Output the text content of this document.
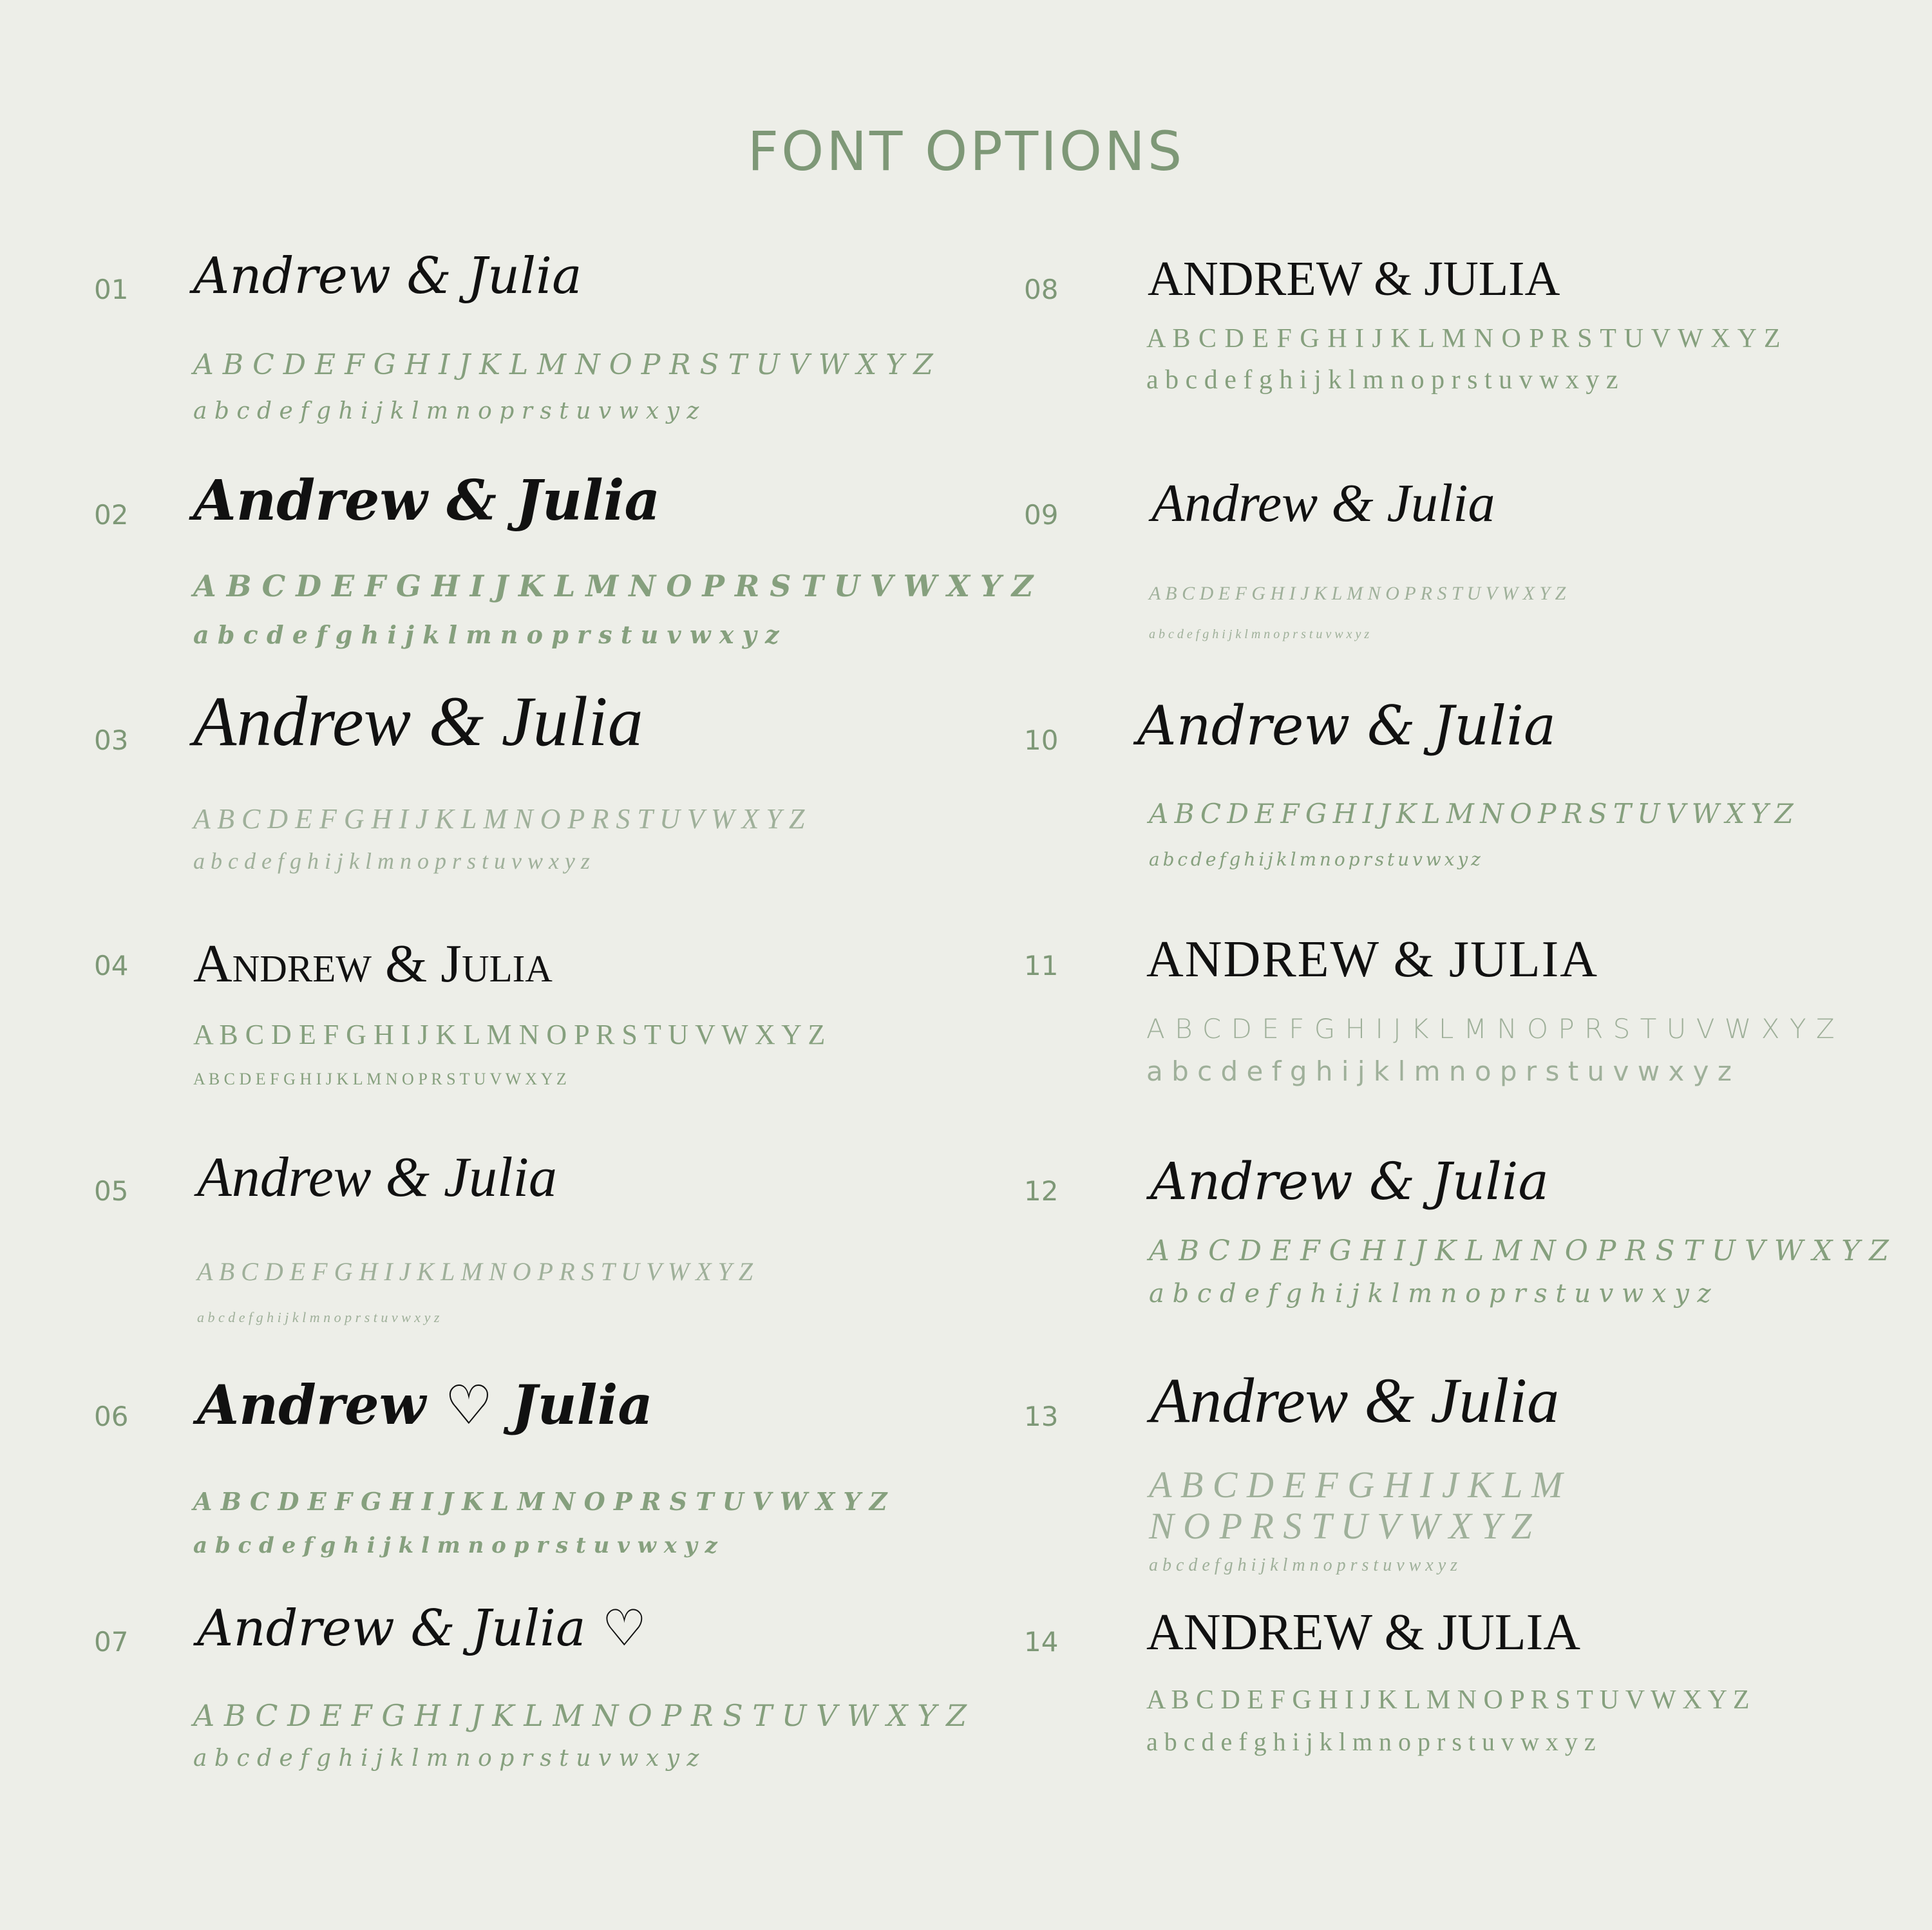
FONT OPTIONS
01 Andrew & Julia
A B C D E F G H I J K L M N O P R S T U V W X Y Z
a b c d e f g h i j k l m n o p r s t u v w x y z
02 Andrew & Julia
A B C D E F G H I J K L M N O P R S T U V W X Y Z
a b c d e f g h i j k l m n o p r s t u v w x y z
03 Andrew & Julia
A B C D E F G H I J K L M N O P R S T U V W X Y Z
a b c d e f g h i j k l m n o p r s t u v w x y z
04 Andrew & Julia
A B C D E F G H I J K L M N O P R S T U V W X Y Z
A B C D E F G H I J K L M N O P R S T U V W X Y Z
05 Andrew & Julia
A B C D E F G H I J K L M N O P R S T U V W X Y Z
a b c d e f g h i j k l m n o p r s t u v w x y z
06 Andrew ♡ Julia
A B C D E F G H I J K L M N O P R S T U V W X Y Z
a b c d e f g h i j k l m n o p r s t u v w x y z
07 Andrew & Julia ♡
A B C D E F G H I J K L M N O P R S T U V W X Y Z
a b c d e f g h i j k l m n o p r s t u v w x y z
08 ANDREW & JULIA
A B C D E F G H I J K L M N O P R S T U V W X Y Z
a b c d e f g h i j k l m n o p r s t u v w x y z
09 Andrew & Julia
A B C D E F G H I J K L M N O P R S T U V W X Y Z
a b c d e f g h i j k l m n o p r s t u v w x y z
10 Andrew & Julia
A B C D E F G H I J K L M N O P R S T U V W X Y Z
a b c d e f g h i j k l m n o p r s t u v w x y z
11 ANDREW & JULIA
A B C D E F G H I J K L M N O P R S T U V W X Y Z
a b c d e f g h i j k l m n o p r s t u v w x y z
12 Andrew & Julia
A B C D E F G H I J K L M N O P R S T U V W X Y Z
a b c d e f g h i j k l m n o p r s t u v w x y z
13 Andrew & Julia
A B C D E F G H I J K L M
N O P R S T U V W X Y Z
a b c d e f g h i j k l m n o p r s t u v w x y z
14 ANDREW & JULIA
A B C D E F G H I J K L M N O P R S T U V W X Y Z
a b c d e f g h i j k l m n o p r s t u v w x y z
